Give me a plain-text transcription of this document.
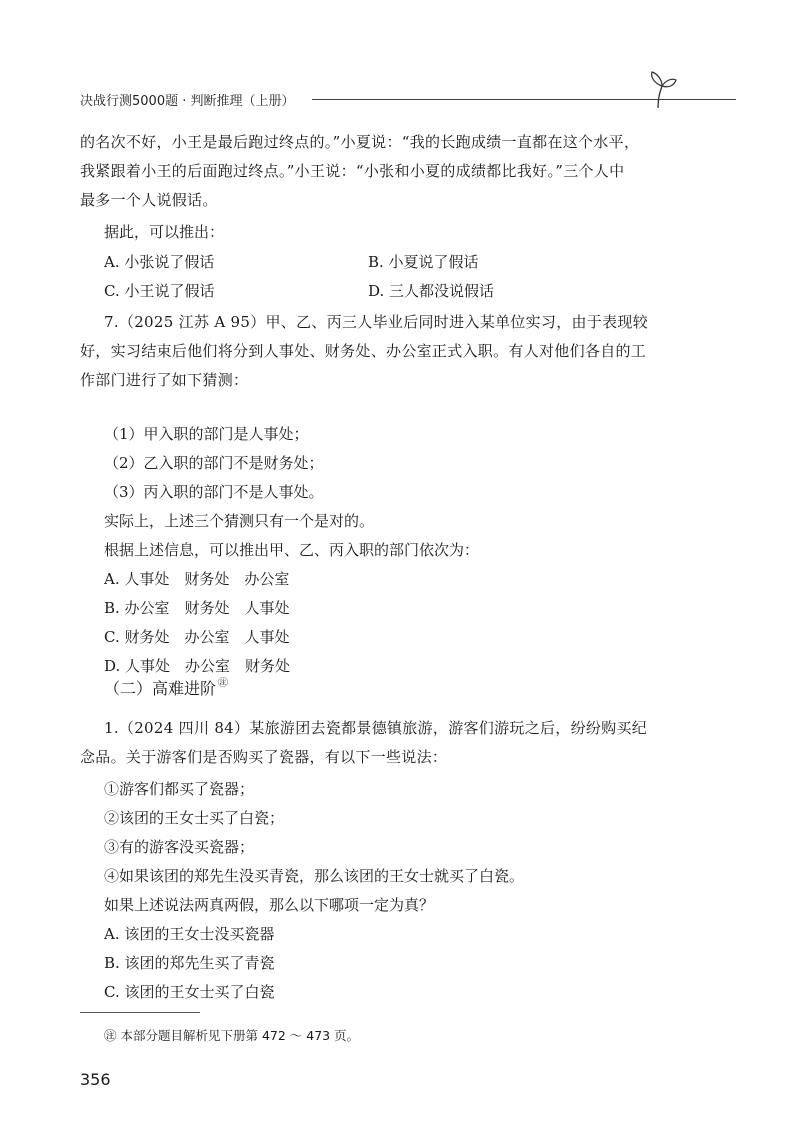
决战行测5000题 · 判断推理（上册）
的名次不好，小王是最后跑过终点的。”小夏说：“我的长跑成绩一直都在这个水平，
我紧跟着小王的后面跑过终点。”小王说：“小张和小夏的成绩都比我好。”三个人中
最多一个人说假话。
据此，可以推出：
A. 小张说了假话	B. 小夏说了假话
C. 小王说了假话	D. 三人都没说假话
7.（2025 江苏 A 95）甲、乙、丙三人毕业后同时进入某单位实习，由于表现较
好，实习结束后他们将分到人事处、财务处、办公室正式入职。有人对他们各自的工
作部门进行了如下猜测：
（1）甲入职的部门是人事处；
（2）乙入职的部门不是财务处；
（3）丙入职的部门不是人事处。
实际上，上述三个猜测只有一个是对的。
根据上述信息，可以推出甲、乙、丙入职的部门依次为：
A. 人事处　财务处　办公室
B. 办公室　财务处　人事处
C. 财务处　办公室　人事处
D. 人事处　办公室　财务处
（二）高难进阶 ㊟
1.（2024 四川 84）某旅游团去瓷都景德镇旅游，游客们游玩之后，纷纷购买纪
念品。关于游客们是否购买了瓷器，有以下一些说法：
①游客们都买了瓷器；
②该团的王女士买了白瓷；
③有的游客没买瓷器；
④如果该团的郑先生没买青瓷，那么该团的王女士就买了白瓷。
如果上述说法两真两假，那么以下哪项一定为真？
A. 该团的王女士没买瓷器
B. 该团的郑先生买了青瓷
C. 该团的王女士买了白瓷
㊟ 本部分题目解析见下册第 472 ～ 473 页。
356
